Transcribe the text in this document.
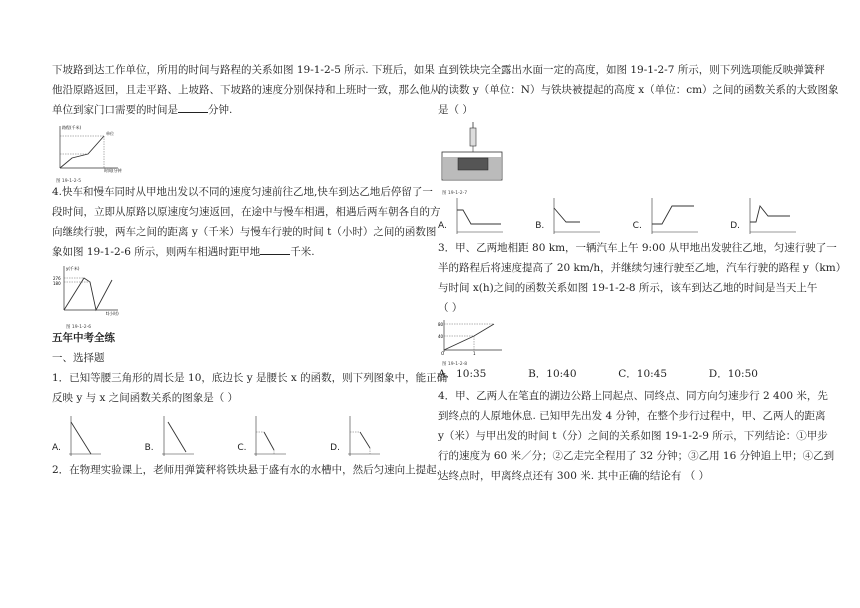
下坡路到达工作单位，所用的时间与路程的关系如图 19-1-2-5 所示. 下班后，如果
他沿原路返回，且走平路、上坡路、下坡路的速度分别保持和上班时一致，那么他从
单位到家门口需要的时间是	分钟.
路程(千米)
时间(分钟)
单位
图 19-1-2-5
4.快车和慢车同时从甲地出发以不同的速度匀速前往乙地,快车到达乙地后停留了一
段时间，立即从原路以原速度匀速返回，在途中与慢车相遇，相遇后两车朝各自的方
向继续行驶，两车之间的距离 y（千米）与慢车行驶的时间 t（小时）之间的函数图
象如图 19-1-2-6 所示，则两车相遇时距甲地	千米.
y(千米)
t(小时)
276
180
图 19-1-2-6
五年中考全练
一、选择题
1．已知等腰三角形的周长是 10，底边长 y 是腰长 x 的函数，则下列图象中，能正确
反映 y 与 x 之间函数关系的图象是（ ）
A.	B.	C.	D.
2．在物理实验课上，老师用弹簧秤将铁块悬于盛有水的水槽中，然后匀速向上提起，
直到铁块完全露出水面一定的高度，如图 19-1-2-7 所示，则下列选项能反映弹簧秤
的读数 y（单位：N）与铁块被提起的高度 x（单位：cm）之间的函数关系的大致图象
是（ ）
图 19-1-2-7
A.	B.	C.	D.
3．甲、乙两地相距 80 km，一辆汽车上午 9:00 从甲地出发驶往乙地，匀速行驶了一
半的路程后将速度提高了 20 km/h，并继续匀速行驶至乙地，汽车行驶的路程 y（km）
与时间 x(h)之间的函数关系如图 19-1-2-8 所示，该车到达乙地的时间是当天上午
（ ）
80
40
O	1
图 19-1-2-8
A．10:35	B．10:40	C．10:45	D．10:50
4．甲、乙两人在笔直的湖边公路上同起点、同终点、同方向匀速步行 2 400 米，先
到终点的人原地休息. 已知甲先出发 4 分钟，在整个步行过程中，甲、乙两人的距离
y（米）与甲出发的时间 t（分）之间的关系如图 19-1-2-9 所示，下列结论：①甲步
行的速度为 60 米／分；②乙走完全程用了 32 分钟；③乙用 16 分钟追上甲；④乙到
达终点时，甲离终点还有 300 米. 其中正确的结论有 （ ）
